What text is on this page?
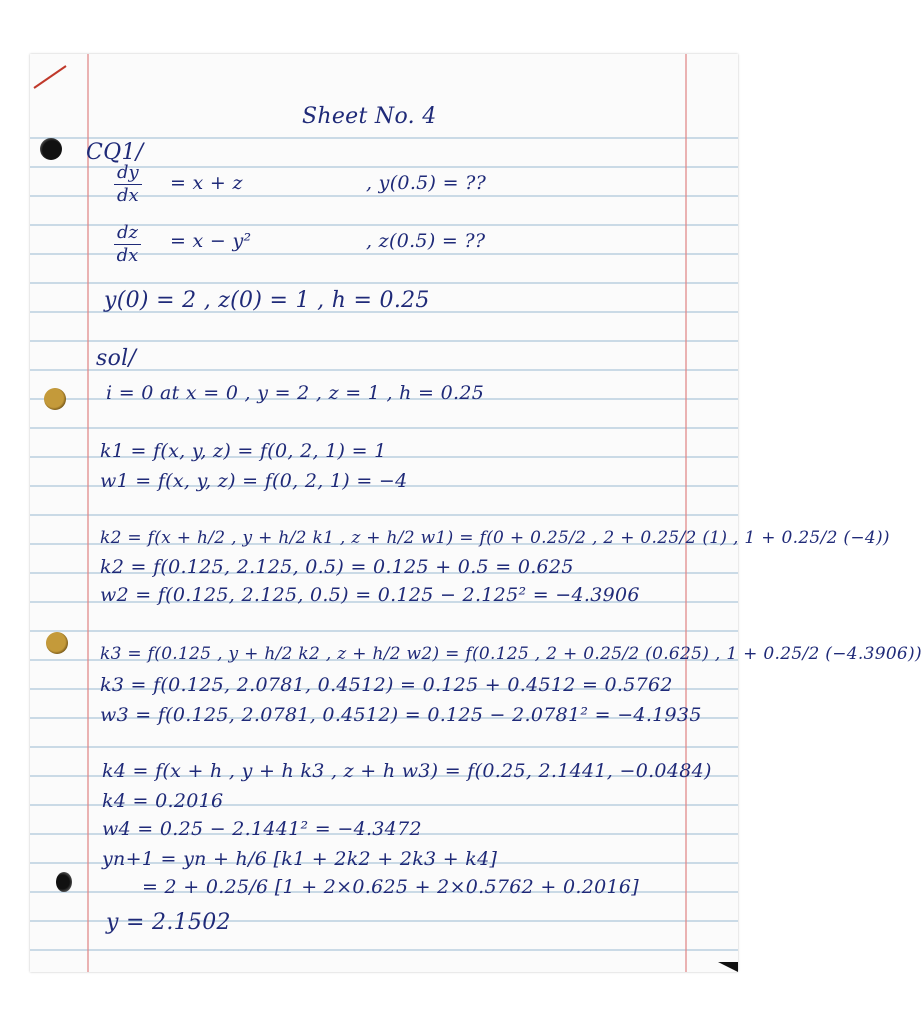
Sheet No. 4
CQ1/
$\frac{dy}{dx} = x + z$	, y(0.5) = ??
$\frac{dz}{dx} = x - y^2$	, z(0.5) = ??
y(0) = 2 , z(0) = 1 , h = 0.25
sol/
i = 0 at x = 0 , y = 2 , z = 1 , h = 0.25
k1 = f(x, y, z) = f(0, 2, 1) = 1
w1 = f(x, y, z) = f(0, 2, 1) = −4
k2 = f(x + h/2 , y + h/2 k1 , z + h/2 w1) = f(0 + 0.25/2 , 2 + 0.25/2 (1) , 1 + 0.25/2 (−4))
k2 = f(0.125, 2.125, 0.5) = 0.125 + 0.5 = 0.625
w2 = f(0.125, 2.125, 0.5) = 0.125 − 2.125² = −4.3906
k3 = f(0.125 , y + h/2 k2 , z + h/2 w2) = f(0.125 , 2 + 0.25/2 (0.625) , 1 + 0.25/2 (−4.3906))
k3 = f(0.125, 2.0781, 0.4512) = 0.125 + 0.4512 = 0.5762
w3 = f(0.125, 2.0781, 0.4512) = 0.125 − 2.0781² = −4.1935
k4 = f(x + h , y + h k3 , z + h w3) = f(0.25, 2.1441, −0.0484)
k4 = 0.2016
w4 = 0.25 − 2.1441² = −4.3472
yn+1 = yn + h/6 [k1 + 2k2 + 2k3 + k4]
= 2 + 0.25/6 [1 + 2×0.625 + 2×0.5762 + 0.2016]
y = 2.1502
